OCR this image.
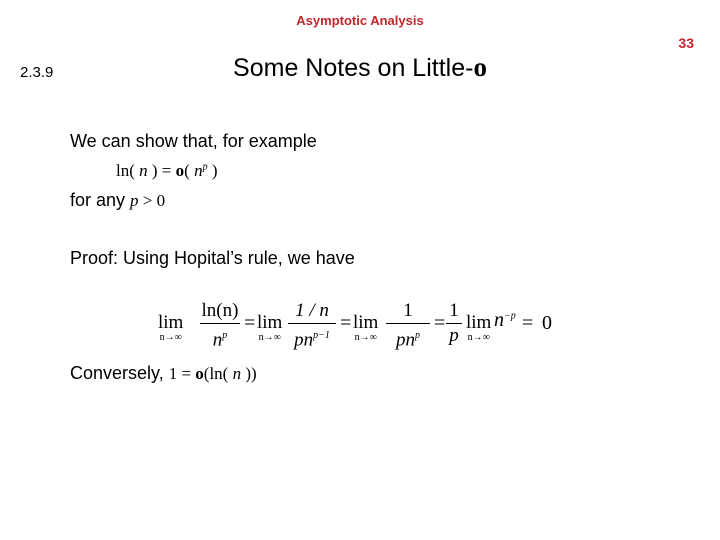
Asymptotic Analysis
33
2.3.9	Some Notes on Little-o
We can show that, for example
ln( n ) = o( $n^p$ )
for any p > 0
Proof: Using Hopital’s rule, we have
lim
n→∞
ln(n)
$n^p$
= lim
n→∞
1 / n
$pn^{p-1}$
= lim
n→∞
1
$pn^p$
=
1
p
lim
n→∞
$n^{-p} = 0$
Conversely, 1 = o(ln( n ))
